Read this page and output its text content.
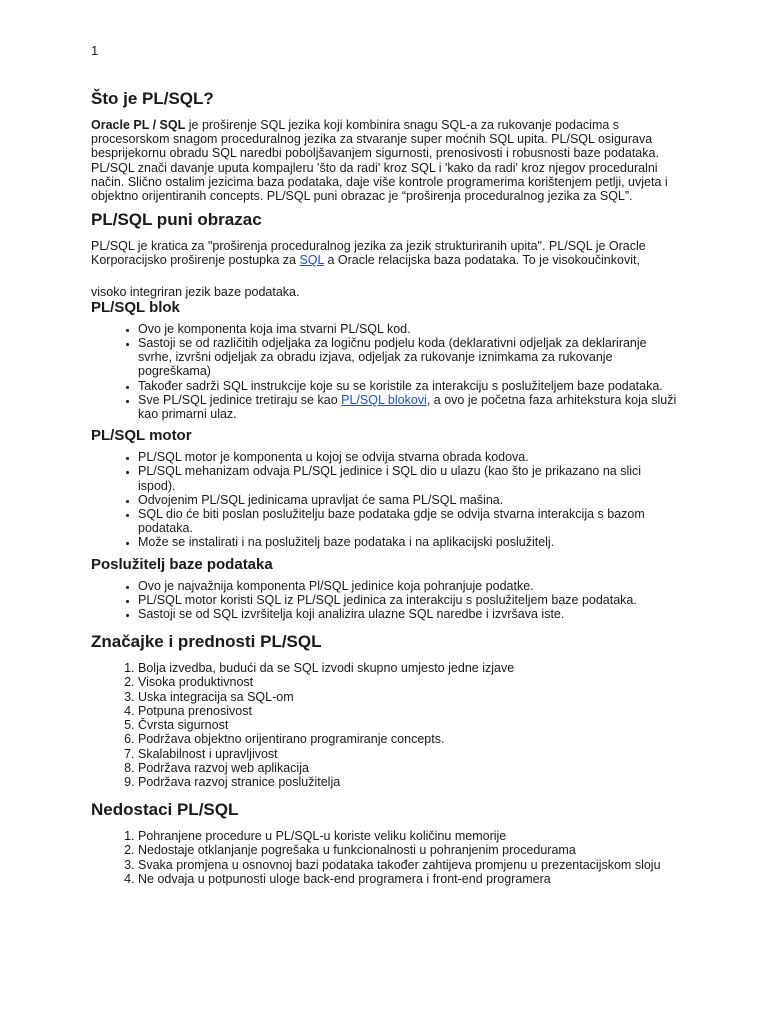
1
Što je PL/SQL?

Oracle PL / SQL je proširenje SQL jezika koji kombinira snagu SQL-a za rukovanje podacima s procesorskom snagom proceduralnog jezika za stvaranje super moćnih SQL upita. PL/SQL osigurava besprijekornu obradu SQL naredbi poboljšavanjem sigurnosti, prenosivosti i robusnosti baze podataka.

PL/SQL znači davanje uputa kompajleru 'što da radi' kroz SQL i 'kako da radi' kroz njegov proceduralni način. Slično ostalim jezicima baza podataka, daje više kontrole programerima korištenjem petlji, uvjeta i objektno orijentiranih concepts. PL/SQL puni obrazac je “proširenja proceduralnog jezika za SQL”.

PL/SQL puni obrazac

PL/SQL je kratica za "proširenja proceduralnog jezika za jezik strukturiranih upita". PL/SQL je Oracle Korporacijsko proširenje postupka za SQL a Oracle relacijska baza podataka. To je visokoučinkovit,

visoko integriran jezik baze podataka.

PL/SQL blok
• Ovo je komponenta koja ima stvarni PL/SQL kod.
• Sastoji se od različitih odjeljaka za logičnu podjelu koda (deklarativni odjeljak za deklariranje svrhe, izvršni odjeljak za obradu izjava, odjeljak za rukovanje iznimkama za rukovanje pogreškama)
• Također sadrži SQL instrukcije koje su se koristile za interakciju s poslužiteljem baze podataka.
• Sve PL/SQL jedinice tretiraju se kao PL/SQL blokovi, a ovo je početna faza arhitekstura koja služi kao primarni ulaz.
PL/SQL motor
• PL/SQL motor je komponenta u kojoj se odvija stvarna obrada kodova.
• PL/SQL mehanizam odvaja PL/SQL jedinice i SQL dio u ulazu (kao što je prikazano na slici ispod).
• Odvojenim PL/SQL jedinicama upravljat će sama PL/SQL mašina.
• SQL dio će biti poslan poslužitelju baze podataka gdje se odvija stvarna interakcija s bazom podataka.
• Može se instalirati i na poslužitelj baze podataka i na aplikacijski poslužitelj.
Poslužitelj baze podataka
• Ovo je najvažnija komponenta Pl/SQL jedinice koja pohranjuje podatke.
• PL/SQL motor koristi SQL iz PL/SQL jedinica za interakciju s poslužiteljem baze podataka.
• Sastoji se od SQL izvršitelja koji analizira ulazne SQL naredbe i izvršava iste.
Značajke i prednosti PL/SQL
1. Bolja izvedba, budući da se SQL izvodi skupno umjesto jedne izjave
2. Visoka produktivnost
3. Uska integracija sa SQL-om
4. Potpuna prenosivost
5. Čvrsta sigurnost
6. Podržava objektno orijentirano programiranje concepts.
7. Skalabilnost i upravljivost
8. Podržava razvoj web aplikacija
9. Podržava razvoj stranice poslužitelja
Nedostaci PL/SQL
1. Pohranjene procedure u PL/SQL-u koriste veliku količinu memorije
2. Nedostaje otklanjanje pogrešaka u funkcionalnosti u pohranjenim procedurama
3. Svaka promjena u osnovnoj bazi podataka također zahtijeva promjenu u prezentacijskom sloju
4. Ne odvaja u potpunosti uloge back-end programera i front-end programera
